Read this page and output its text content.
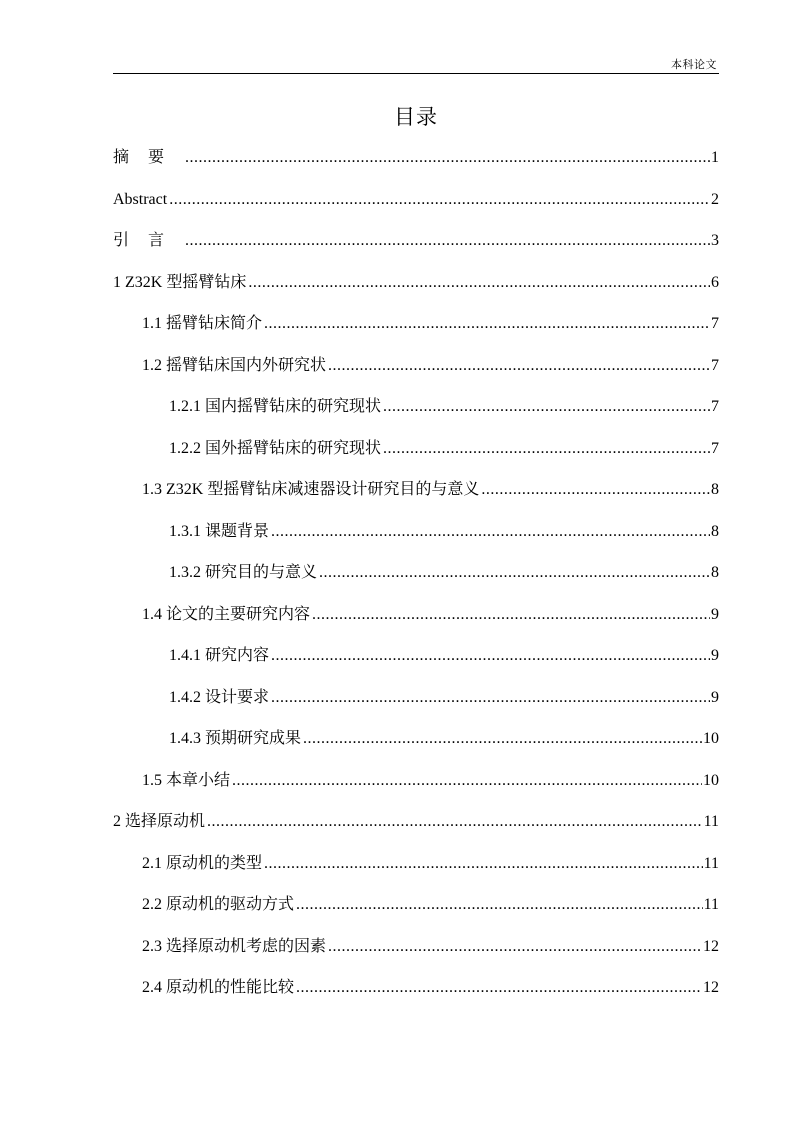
本科论文
目录
摘要 .....	1
Abstract .....	2
引言 .....	3
1 Z32K 型摇臂钻床 .....	6
1.1 摇臂钻床简介 .....	7
1.2 摇臂钻床国内外研究状 .....	7
1.2.1 国内摇臂钻床的研究现状 .....	7
1.2.2 国外摇臂钻床的研究现状 .....	7
1.3 Z32K 型摇臂钻床减速器设计研究目的与意义 .....	8
1.3.1 课题背景 .....	8
1.3.2 研究目的与意义 .....	8
1.4 论文的主要研究内容 .....	9
1.4.1 研究内容 .....	9
1.4.2 设计要求 .....	9
1.4.3 预期研究成果 .....	10
1.5 本章小结 .....	10
2 选择原动机 .....	11
2.1 原动机的类型 .....	11
2.2 原动机的驱动方式 .....	11
2.3 选择原动机考虑的因素 .....	12
2.4 原动机的性能比较 .....	12
